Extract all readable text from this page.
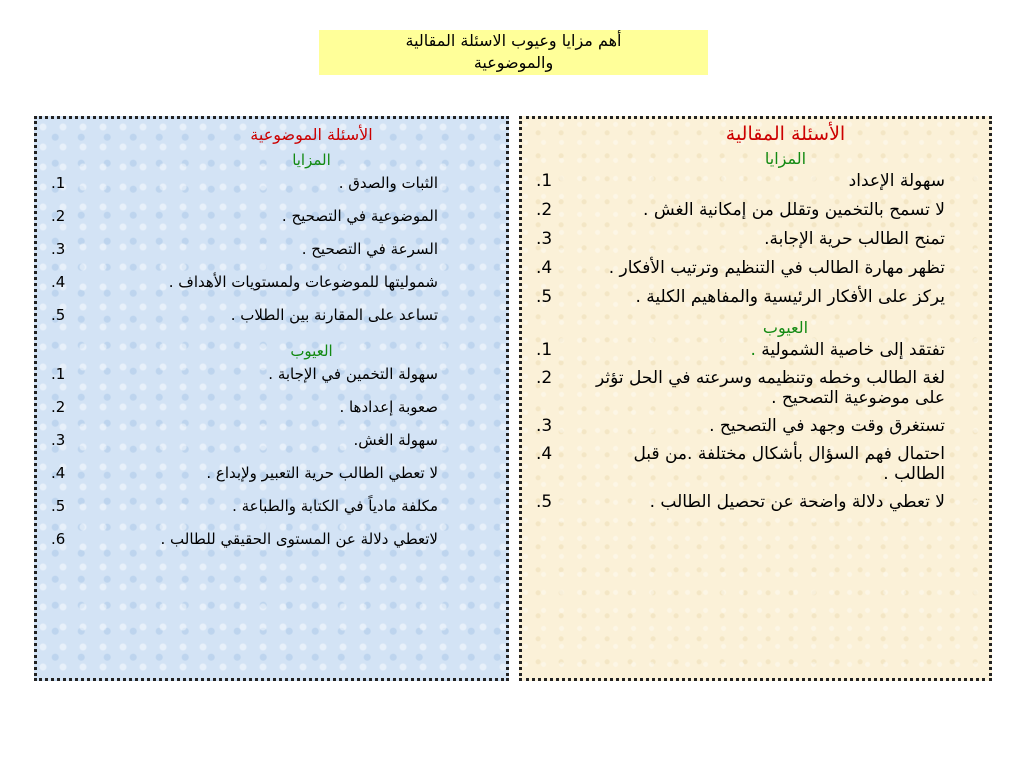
أهم مزايا وعيوب الاسئلة المقالية
والموضوعية
الأسئلة المقالية
المزايا
1.	سهولة الإعداد
2.	لا تسمح بالتخمين وتقلل من إمكانية الغش .
3.	تمنح الطالب حرية الإجابة.
4.	تظهر مهارة الطالب في التنظيم وترتيب الأفكار .
5.	يركز على الأفكار الرئيسية والمفاهيم الكلية .
العيوب
1.	تفتقد إلى خاصية الشمولية .
2.	لغة الطالب وخطه وتنظيمه وسرعته في الحل تؤثر على موضوعية التصحيح .
3.	تستغرق وقت وجهد في التصحيح .
4.	احتمال فهم السؤال بأشكال مختلفة .من قبل الطالب .
5.	لا تعطي دلالة واضحة عن تحصيل الطالب .
الأسئلة الموضوعية
المزايا
1.	الثبات والصدق .
2.	الموضوعية في التصحيح .
3.	السرعة في التصحيح .
4.	شموليتها للموضوعات ولمستويات الأهداف .
5.	تساعد على المقارنة بين الطلاب .
العيوب
1.	سهولة التخمين في الإجابة .
2.	صعوبة إعدادها .
3.	سهولة الغش.
4.	لا تعطي الطالب حرية التعبير ولإبداع .
5.	مكلفة مادياً في الكتابة والطباعة .
6.	لاتعطي دلالة عن المستوى الحقيقي للطالب .
